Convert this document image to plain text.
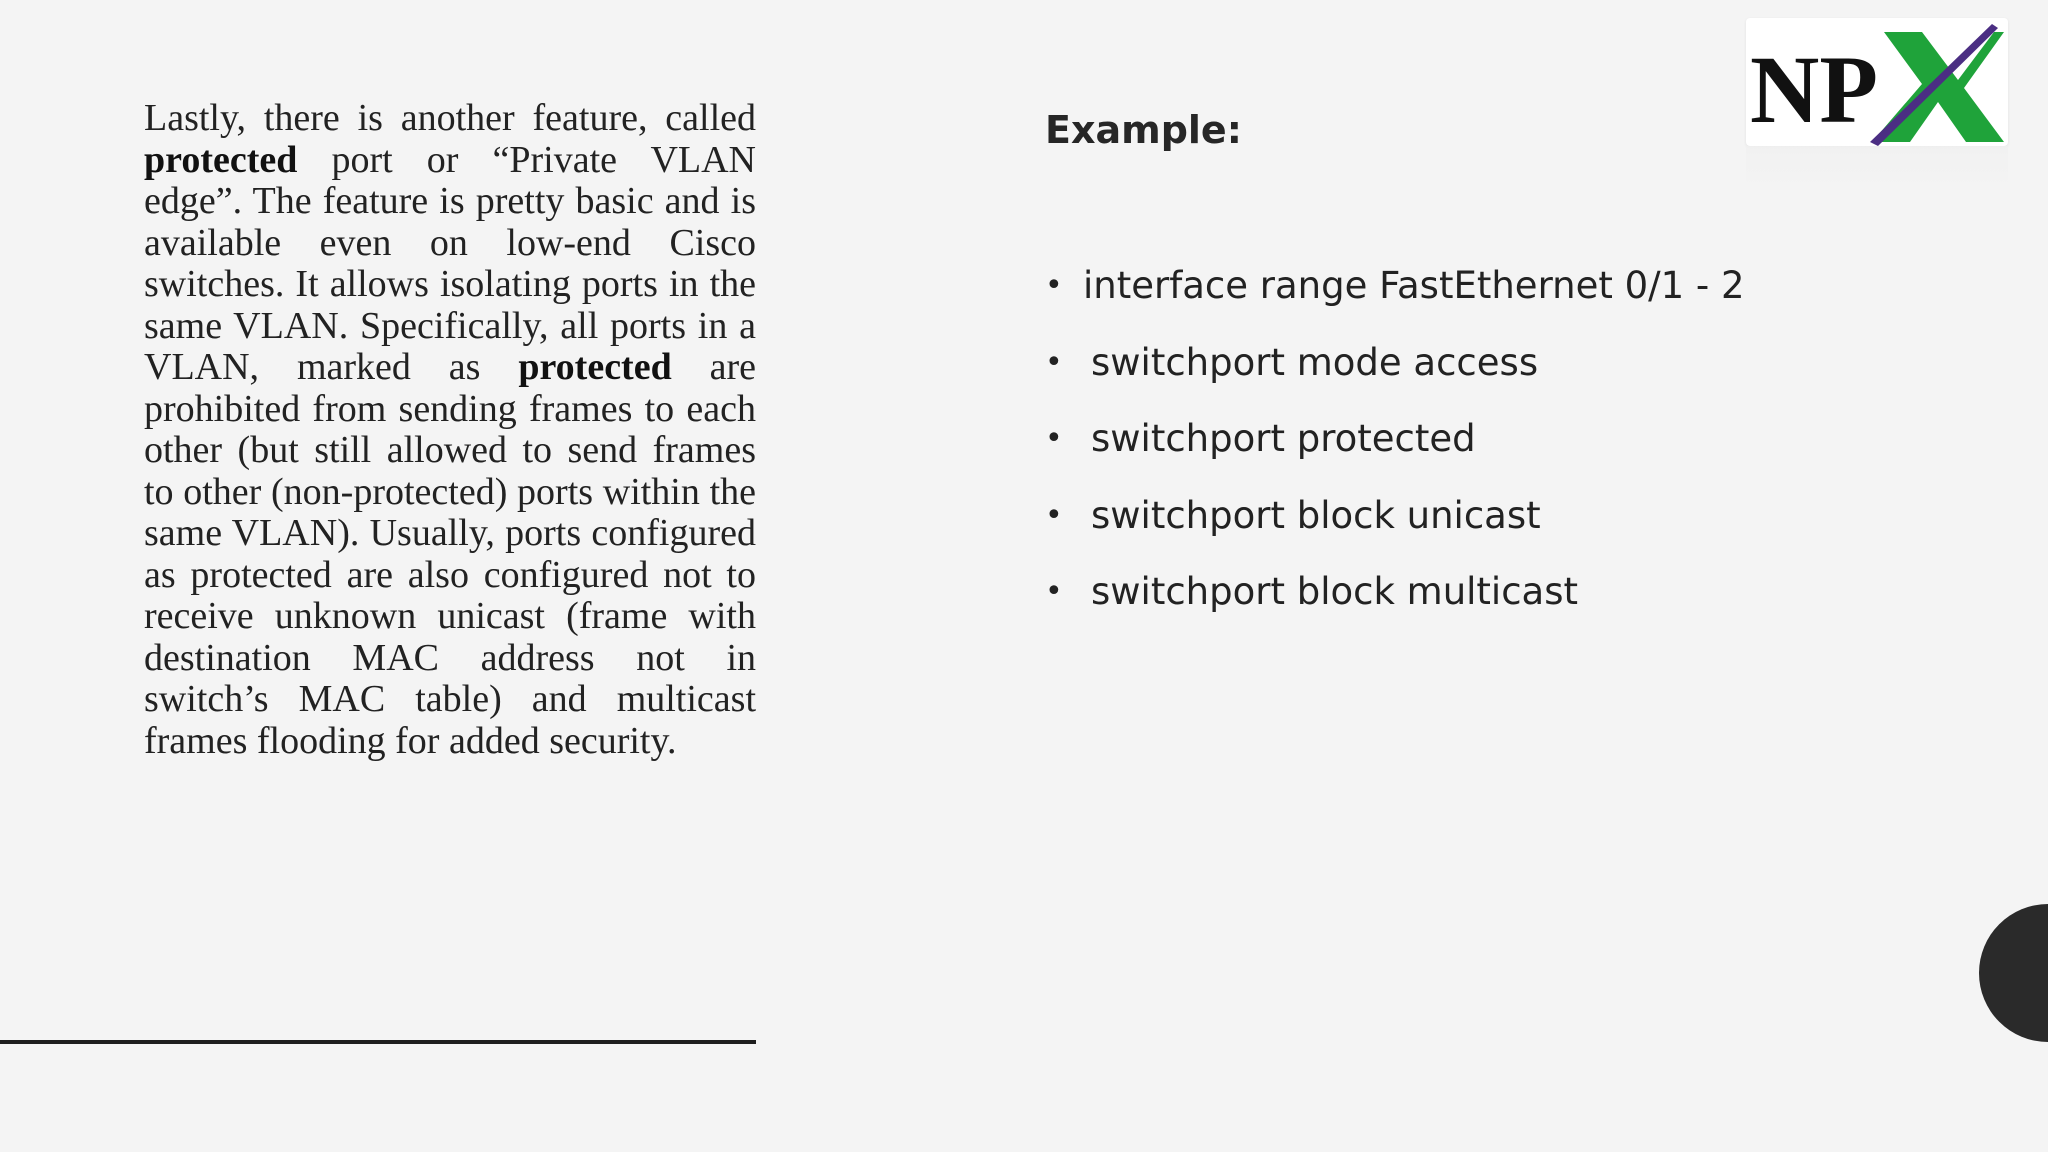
Lastly, there is another feature, called protected port or “Private VLAN edge”. The feature is pretty basic and is available even on low-end Cisco switches. It allows isolating ports in the same VLAN. Specifically, all ports in a VLAN, marked as protected are prohibited from sending frames to each other (but still allowed to send frames to other (non-protected) ports within the same VLAN). Usually, ports configured as protected are also configured not to receive unknown unicast (frame with destination MAC address not in switch’s MAC table) and multicast frames flooding for added security.
Example:
• interface range FastEthernet 0/1 - 2
• switchport mode access
• switchport protected
• switchport block unicast
• switchport block multicast
NP
